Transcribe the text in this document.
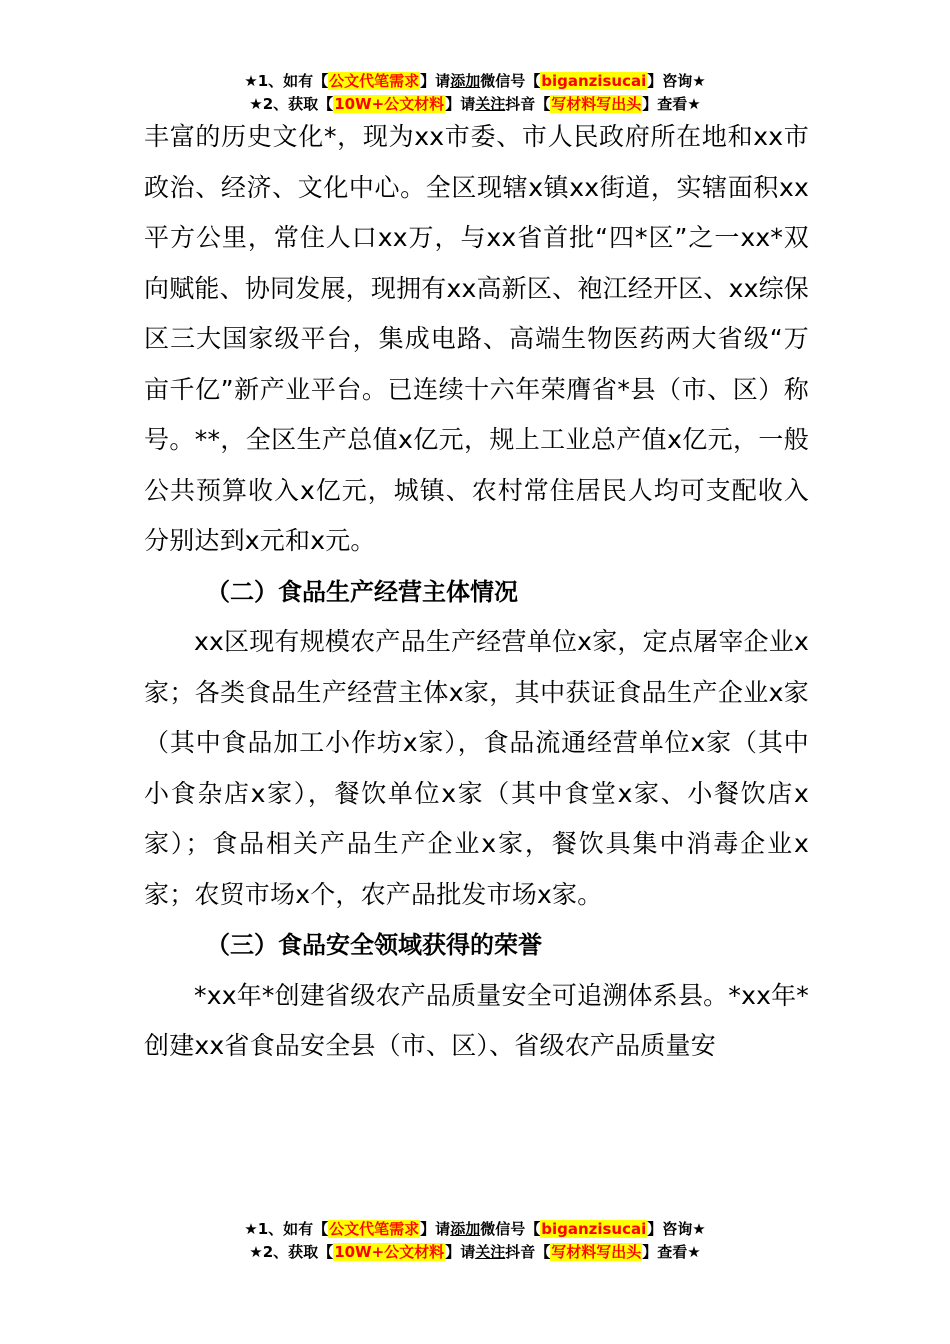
★1、如有【公文代笔需求】请添加微信号【biganzisucai】咨询★
★2、获取【10W+公文材料】请关注抖音【写材料写出头】查看★

丰富的历史文化*，现为xx市委、市人民政府所在地和xx市政治、经济、文化中心。全区现辖x镇xx街道，实辖面积xx平方公里，常住人口xx万，与xx省首批“四*区”之一xx*双向赋能、协同发展，现拥有xx高新区、袍江经开区、xx综保区三大国家级平台，集成电路、高端生物医药两大省级“万亩千亿”新产业平台。已连续十六年荣膺省*县（市、区）称号。**，全区生产总值x亿元，规上工业总产值x亿元，一般公共预算收入x亿元，城镇、农村常住居民人均可支配收入分别达到x元和x元。

（二）食品生产经营主体情况

xx区现有规模农产品生产经营单位x家，定点屠宰企业x家；各类食品生产经营主体x家，其中获证食品生产企业x家（其中食品加工小作坊x家），食品流通经营单位x家（其中小食杂店x家），餐饮单位x家（其中食堂x家、小餐饮店x家）；食品相关产品生产企业x家，餐饮具集中消毒企业x家；农贸市场x个，农产品批发市场x家。

（三）食品安全领域获得的荣誉

*xx年*创建省级农产品质量安全可追溯体系县。*xx年*创建xx省食品安全县（市、区）、省级农产品质量安

★1、如有【公文代笔需求】请添加微信号【biganzisucai】咨询★
★2、获取【10W+公文材料】请关注抖音【写材料写出头】查看★
